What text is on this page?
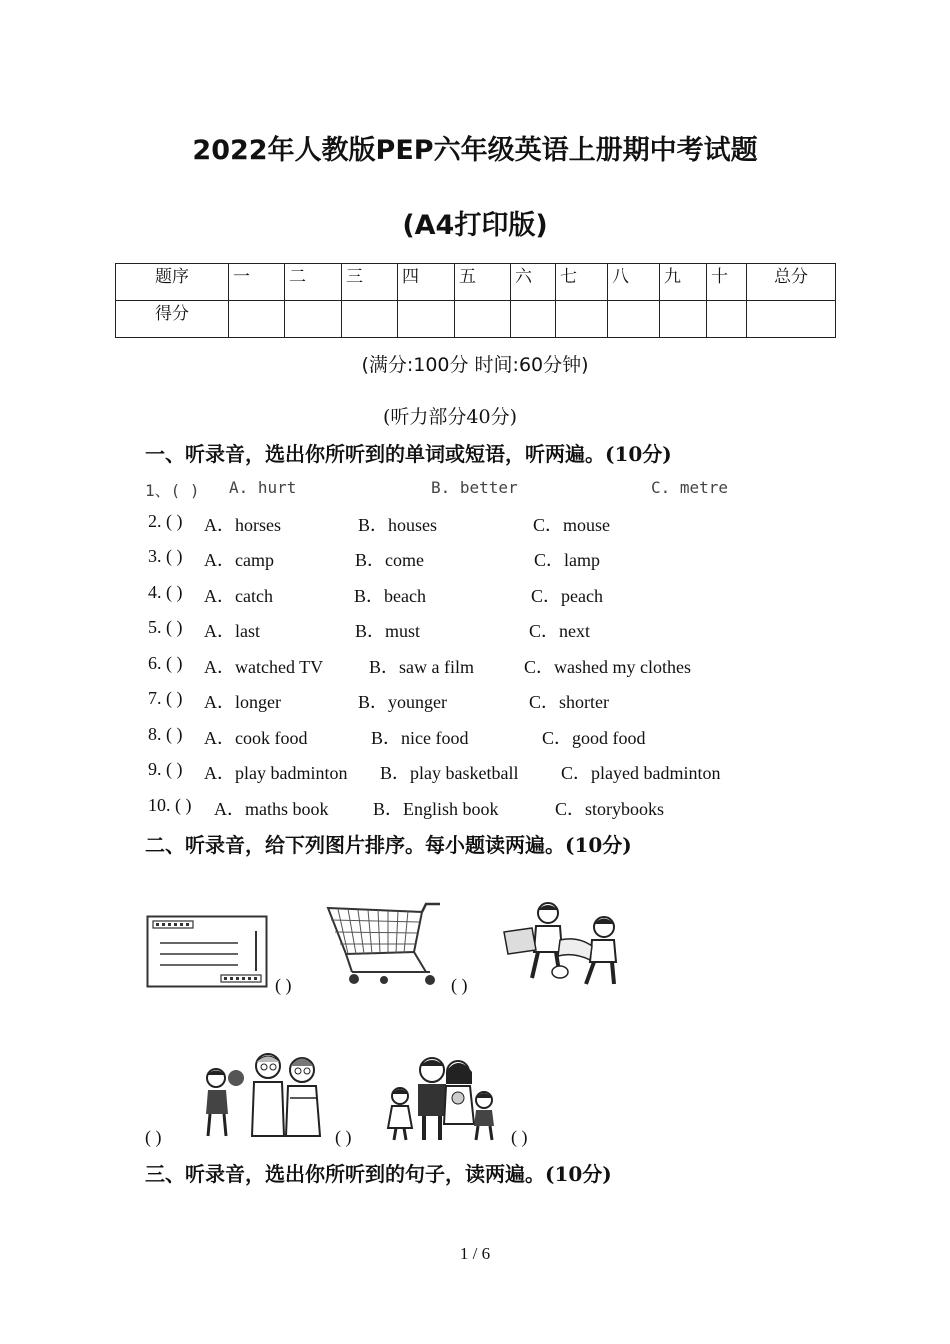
2022年人教版PEP六年级英语上册期中考试题
(A4打印版)
题序	一	二	三	四	五	六	七	八	九	十	总分
得分											
(满分:100分 时间:60分钟)
(听力部分40分)
一、听录音，选出你所听到的单词或短语，听两遍。(10分)
1、( ) A. hurt	B. better	C. metre
2. ( ) A．horses	B．houses	C．mouse
3. ( ) A．camp	B．come	C．lamp
4. ( ) A．catch	B．beach	C．peach
5. ( ) A．last	B．must	C．next
6. ( ) A．watched TV	B．saw a film	C．washed my clothes
7. ( ) A．longer	B．younger	C．shorter
8. ( ) A．cook food	B．nice food	C．good food
9. ( ) A．play badminton B．play basketball C．played badminton
10. ( ) A．maths book B．English book	C．storybooks
二、听录音，给下列图片排序。每小题读两遍。(10分)
( )	( )
( )	( )	( )
三、听录音，选出你所听到的句子，读两遍。(10分)
1 / 6
